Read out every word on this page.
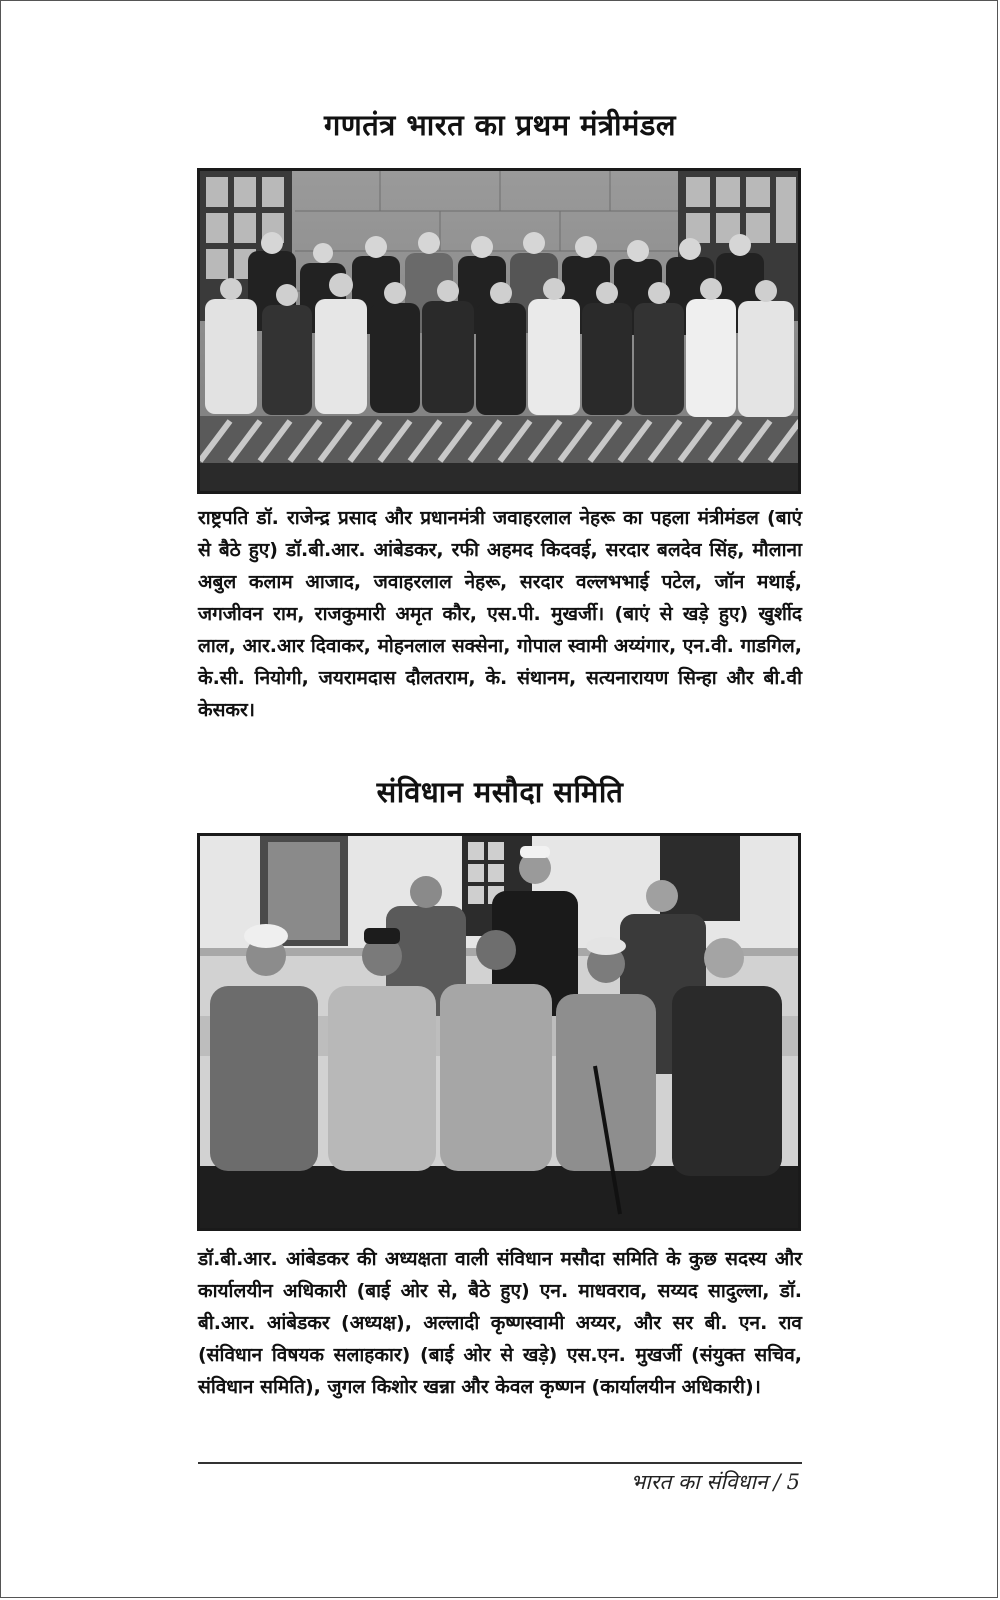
गणतंत्र भारत का प्रथम मंत्रीमंडल

राष्ट्रपति डॉ. राजेन्द्र प्रसाद और प्रधानमंत्री जवाहरलाल नेहरू का पहला मंत्रीमंडल (बाएं से बैठे हुए) डॉ.बी.आर. आंबेडकर, रफी अहमद किदवई, सरदार बलदेव सिंह, मौलाना अबुल कलाम आजाद, जवाहरलाल नेहरू, सरदार वल्लभभाई पटेल, जॉन मथाई, जगजीवन राम, राजकुमारी अमृत कौर, एस.पी. मुखर्जी। (बाएं से खड़े हुए) खुर्शीद लाल, आर.आर दिवाकर, मोहनलाल सक्सेना, गोपाल स्वामी अय्यंगार, एन.वी. गाडगिल, के.सी. नियोगी, जयरामदास दौलतराम, के. संथानम, सत्यनारायण सिन्हा और बी.वी केसकर।

संविधान मसौदा समिति

डॉ.बी.आर. आंबेडकर की अध्यक्षता वाली संविधान मसौदा समिति के कुछ सदस्य और कार्यालयीन अधिकारी (बाई ओर से, बैठे हुए) एन. माधवराव, सय्यद सादुल्ला, डॉ. बी.आर. आंबेडकर (अध्यक्ष), अल्लादी कृष्णस्वामी अय्यर, और सर बी. एन. राव (संविधान विषयक सलाहकार) (बाई ओर से खड़े) एस.एन. मुखर्जी (संयुक्त सचिव, संविधान समिति), जुगल किशोर खन्ना और केवल कृष्णन (कार्यालयीन अधिकारी)।

भारत का संविधान / 5
